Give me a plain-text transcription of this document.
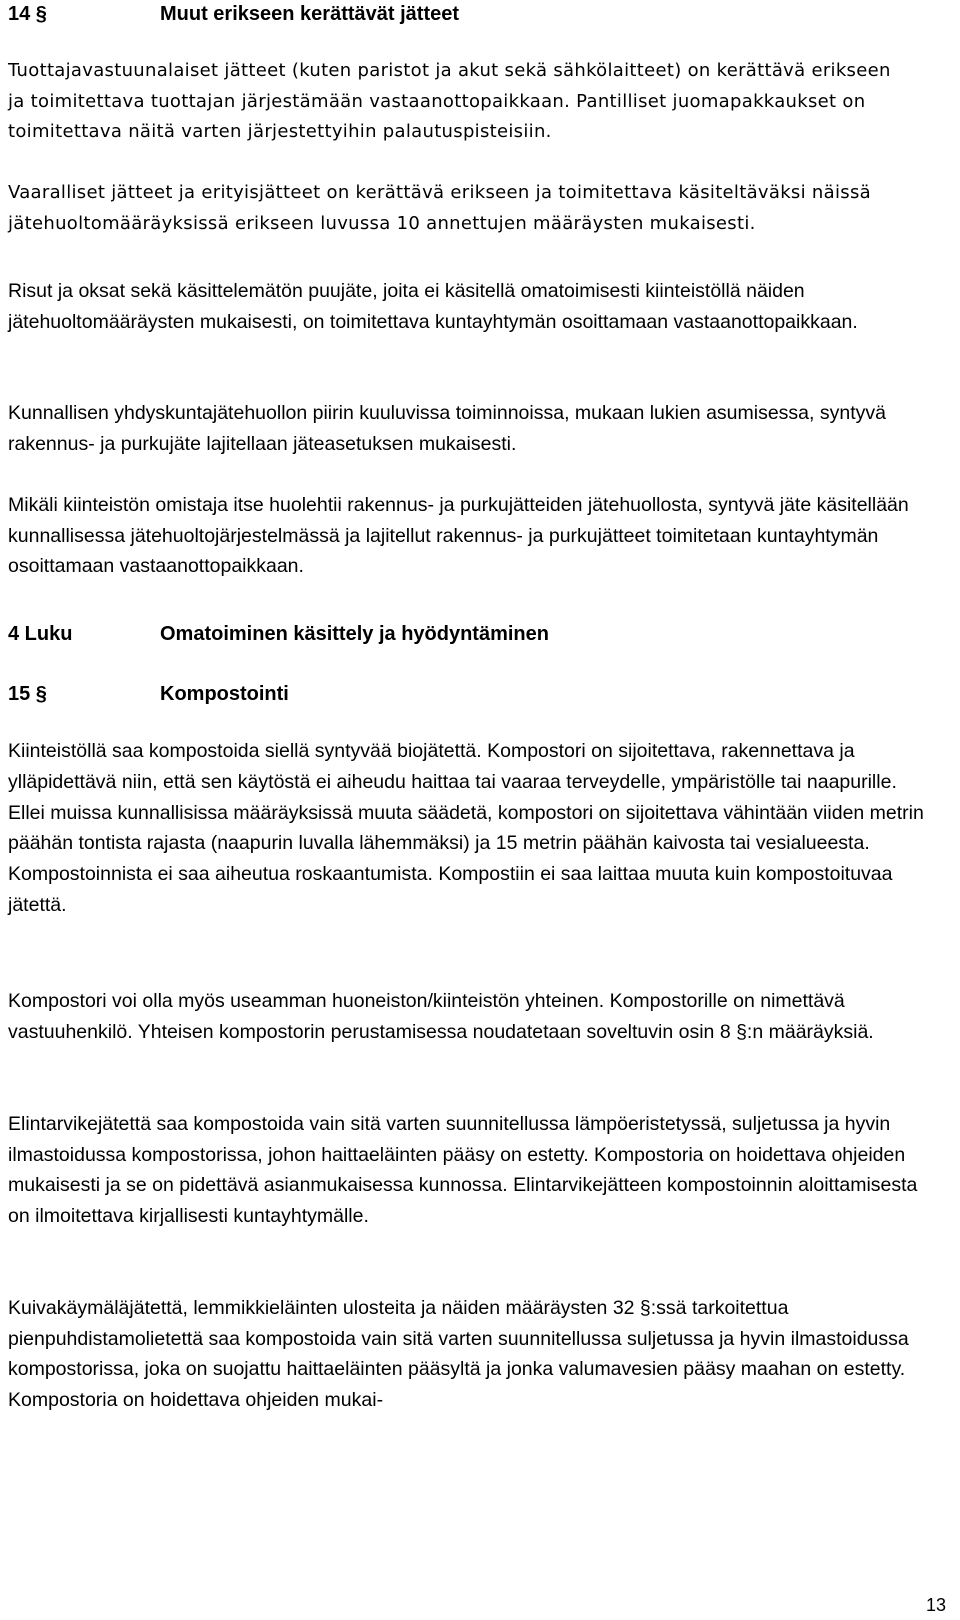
14 §	Muut erikseen kerättävät jätteet

Tuottajavastuunalaiset jätteet (kuten paristot ja akut sekä sähkölaitteet) on kerättävä erikseen ja toimitettava tuottajan järjestämään vastaanottopaikkaan. Pantilliset juomapakkaukset on toimitettava näitä varten järjestettyihin palautuspisteisiin.

Vaaralliset jätteet ja erityisjätteet on kerättävä erikseen ja toimitettava käsiteltäväksi näissä jätehuoltomääräyksissä erikseen luvussa 10 annettujen määräysten mukaisesti.

Risut ja oksat sekä käsittelemätön puujäte, joita ei käsitellä omatoimisesti kiinteistöllä näiden jätehuoltomääräysten mukaisesti, on toimitettava kuntayhtymän osoittamaan vastaanottopaikkaan.

Kunnallisen yhdyskuntajätehuollon piirin kuuluvissa toiminnoissa, mukaan lukien asumisessa, syntyvä rakennus- ja purkujäte lajitellaan jäteasetuksen mukaisesti.

Mikäli kiinteistön omistaja itse huolehtii rakennus- ja purkujätteiden jätehuollosta, syntyvä jäte käsitellään kunnallisessa jätehuoltojärjestelmässä ja lajitellut rakennus- ja purkujätteet toimitetaan kuntayhtymän osoittamaan vastaanottopaikkaan.

4 Luku	Omatoiminen käsittely ja hyödyntäminen
15 §	Kompostointi

Kiinteistöllä saa kompostoida siellä syntyvää biojätettä. Kompostori on sijoitettava, rakennettava ja ylläpidettävä niin, että sen käytöstä ei aiheudu haittaa tai vaaraa terveydelle, ympäristölle tai naapurille. Ellei muissa kunnallisissa määräyksissä muuta säädetä, kompostori on sijoitettava vähintään viiden metrin päähän tontista rajasta (naapurin luvalla lähemmäksi) ja 15 metrin päähän kaivosta tai vesialueesta. Kompostoinnista ei saa aiheutua roskaantumista. Kompostiin ei saa laittaa muuta kuin kompostoituvaa jätettä.

Kompostori voi olla myös useamman huoneiston/kiinteistön yhteinen. Kompostorille on nimettävä vastuuhenkilö. Yhteisen kompostorin perustamisessa noudatetaan soveltuvin osin 8 §:n määräyksiä.

Elintarvikejätettä saa kompostoida vain sitä varten suunnitellussa lämpöeristetyssä, suljetussa ja hyvin ilmastoidussa kompostorissa, johon haittaeläinten pääsy on estetty. Kompostoria on hoidettava ohjeiden mukaisesti ja se on pidettävä asianmukaisessa kunnossa. Elintarvikejätteen kompostoinnin aloittamisesta on ilmoitettava kirjallisesti kuntayhtymälle.

Kuivakäymäläjätettä, lemmikkieläinten ulosteita ja näiden määräysten 32 §:ssä tarkoitettua pienpuhdistamolietettä saa kompostoida vain sitä varten suunnitellussa suljetussa ja hyvin ilmastoidussa kompostorissa, joka on suojattu haittaeläinten pääsyltä ja jonka valumavesien pääsy maahan on estetty. Kompostoria on hoidettava ohjeiden mukai-

13
